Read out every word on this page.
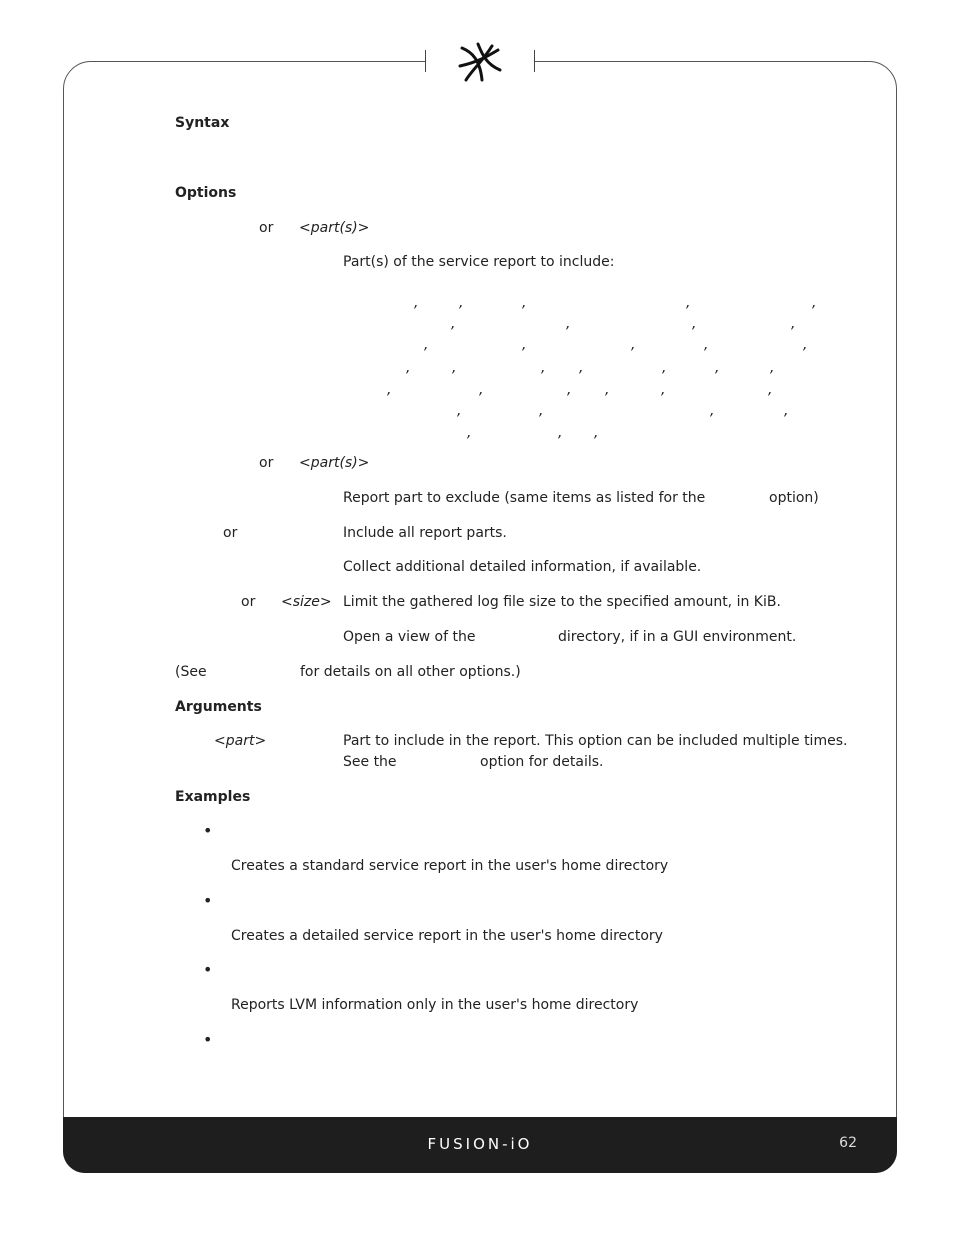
Syntax
Options
or <part(s)>
Part(s) of the service report to include:
,	,	,	,	,
,	,	,	,
,	,	,	,	,
,	,	, ,	,	,	,
,	,	, ,	,	,
,	,	,	,
,	, ,
or <part(s)>
Report part to exclude (same items as listed for the	option)
or	Include all report parts.
Collect additional detailed information, if available.
or <size> Limit the gathered log file size to the specified amount, in KiB.
Open a view of the	directory, if in a GUI environment.
(See	for details on all other options.)
Arguments
<part>	Part to include in the report. This option can be included multiple times.
See the	option for details.
Examples
•
Creates a standard service report in the user's home directory
•
Creates a detailed service report in the user's home directory
•
Reports LVM information only in the user's home directory
•
FUSION-iO	62
